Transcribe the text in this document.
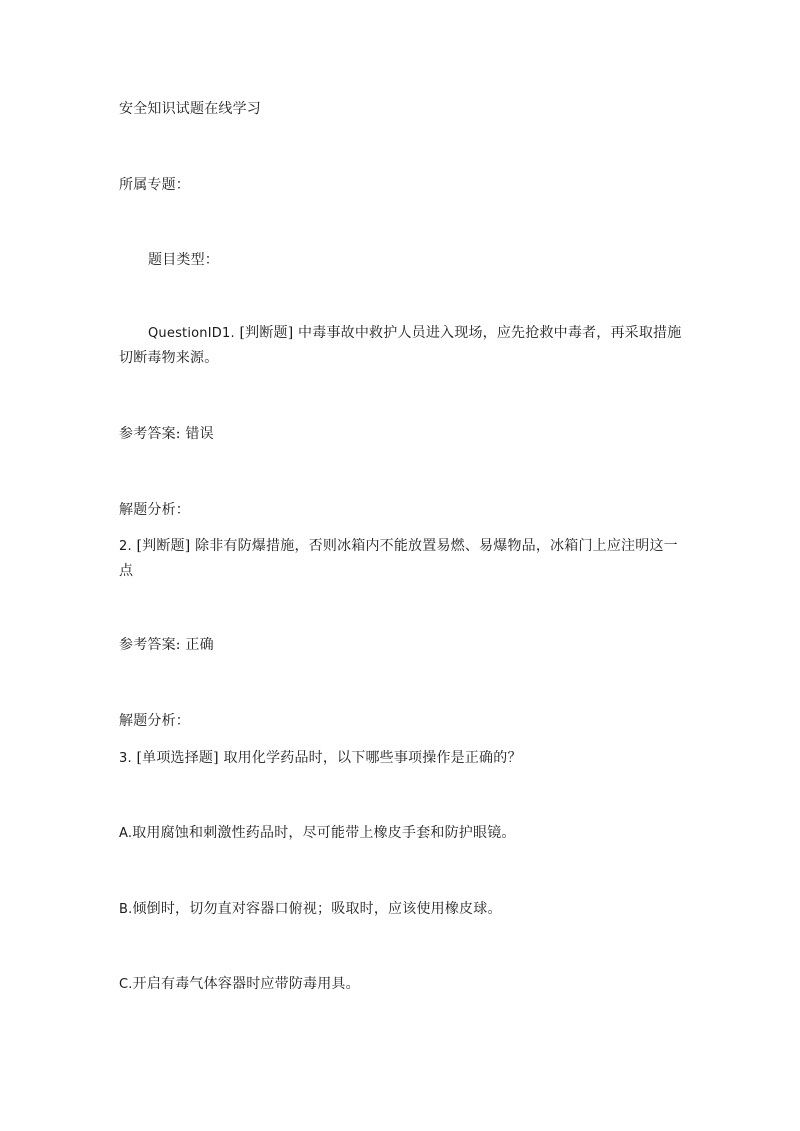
安全知识试题在线学习
所属专题：
题目类型：
QuestionID1. [判断题] 中毒事故中救护人员进入现场，应先抢救中毒者，再采取措施切断毒物来源。
参考答案: 错误
解题分析：
2. [判断题] 除非有防爆措施，否则冰箱内不能放置易燃、易爆物品，冰箱门上应注明这一点
参考答案: 正确
解题分析：
3. [单项选择题] 取用化学药品时，以下哪些事项操作是正确的？
A.取用腐蚀和刺激性药品时，尽可能带上橡皮手套和防护眼镜。
B.倾倒时，切勿直对容器口俯视；吸取时，应该使用橡皮球。
C.开启有毒气体容器时应带防毒用具。
